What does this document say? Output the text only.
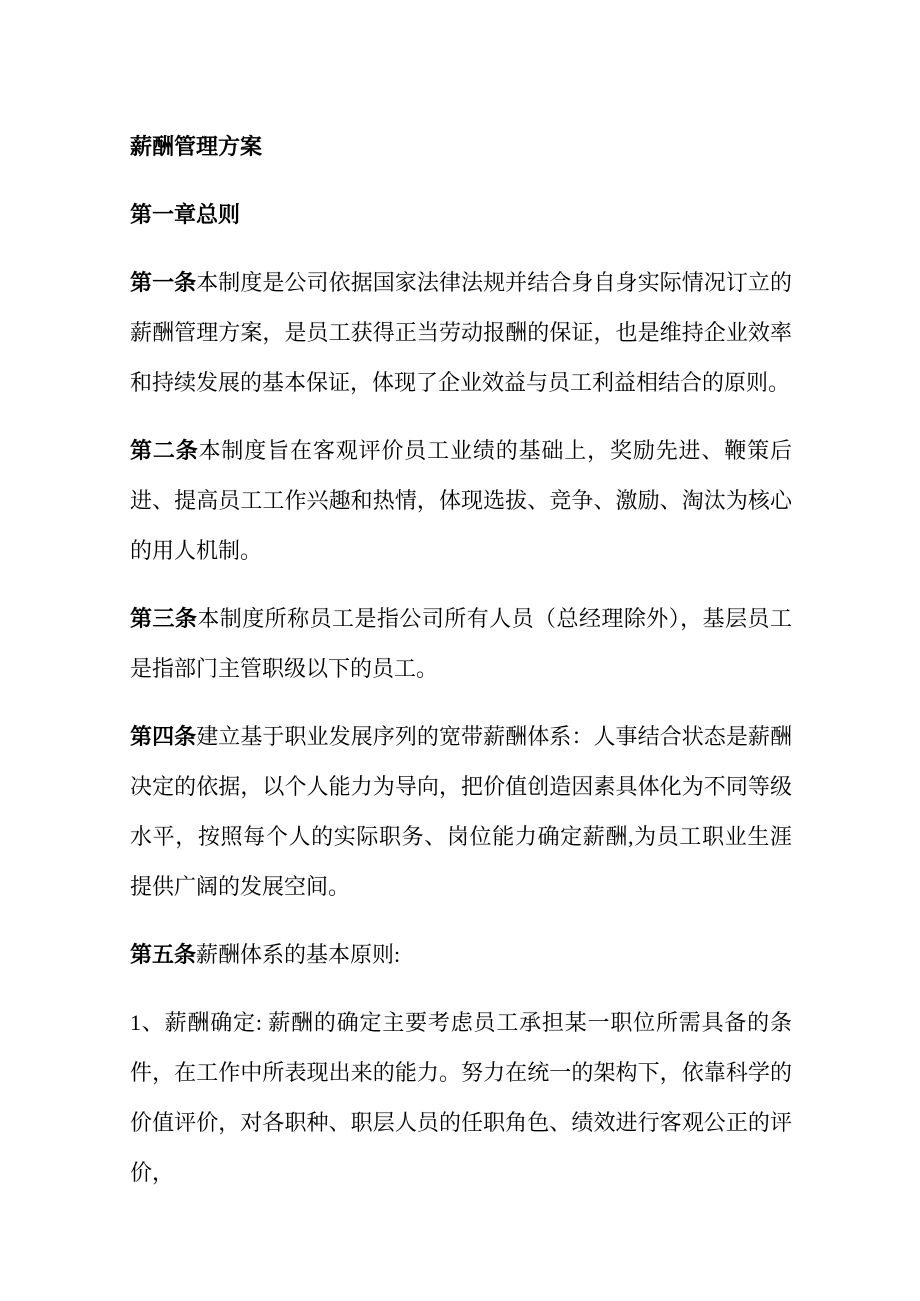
薪酬管理方案
第一章总则

第一条本制度是公司依据国家法律法规并结合身自身实际情况订立的薪酬管理方案，是员工获得正当劳动报酬的保证，也是维持企业效率和持续发展的基本保证，体现了企业效益与员工利益相结合的原则。

第二条本制度旨在客观评价员工业绩的基础上，奖励先进、鞭策后进、提高员工工作兴趣和热情，体现选拔、竞争、激励、淘汰为核心的用人机制。

第三条本制度所称员工是指公司所有人员（总经理除外），基层员工是指部门主管职级以下的员工。

第四条建立基于职业发展序列的宽带薪酬体系：人事结合状态是薪酬决定的依据，以个人能力为导向，把价值创造因素具体化为不同等级水平，按照每个人的实际职务、岗位能力确定薪酬,为员工职业生涯提供广阔的发展空间。

第五条薪酬体系的基本原则:

1、薪酬确定: 薪酬的确定主要考虑员工承担某一职位所需具备的条件，在工作中所表现出来的能力。努力在统一的架构下，依靠科学的价值评价，对各职种、职层人员的任职角色、绩效进行客观公正的评价，
